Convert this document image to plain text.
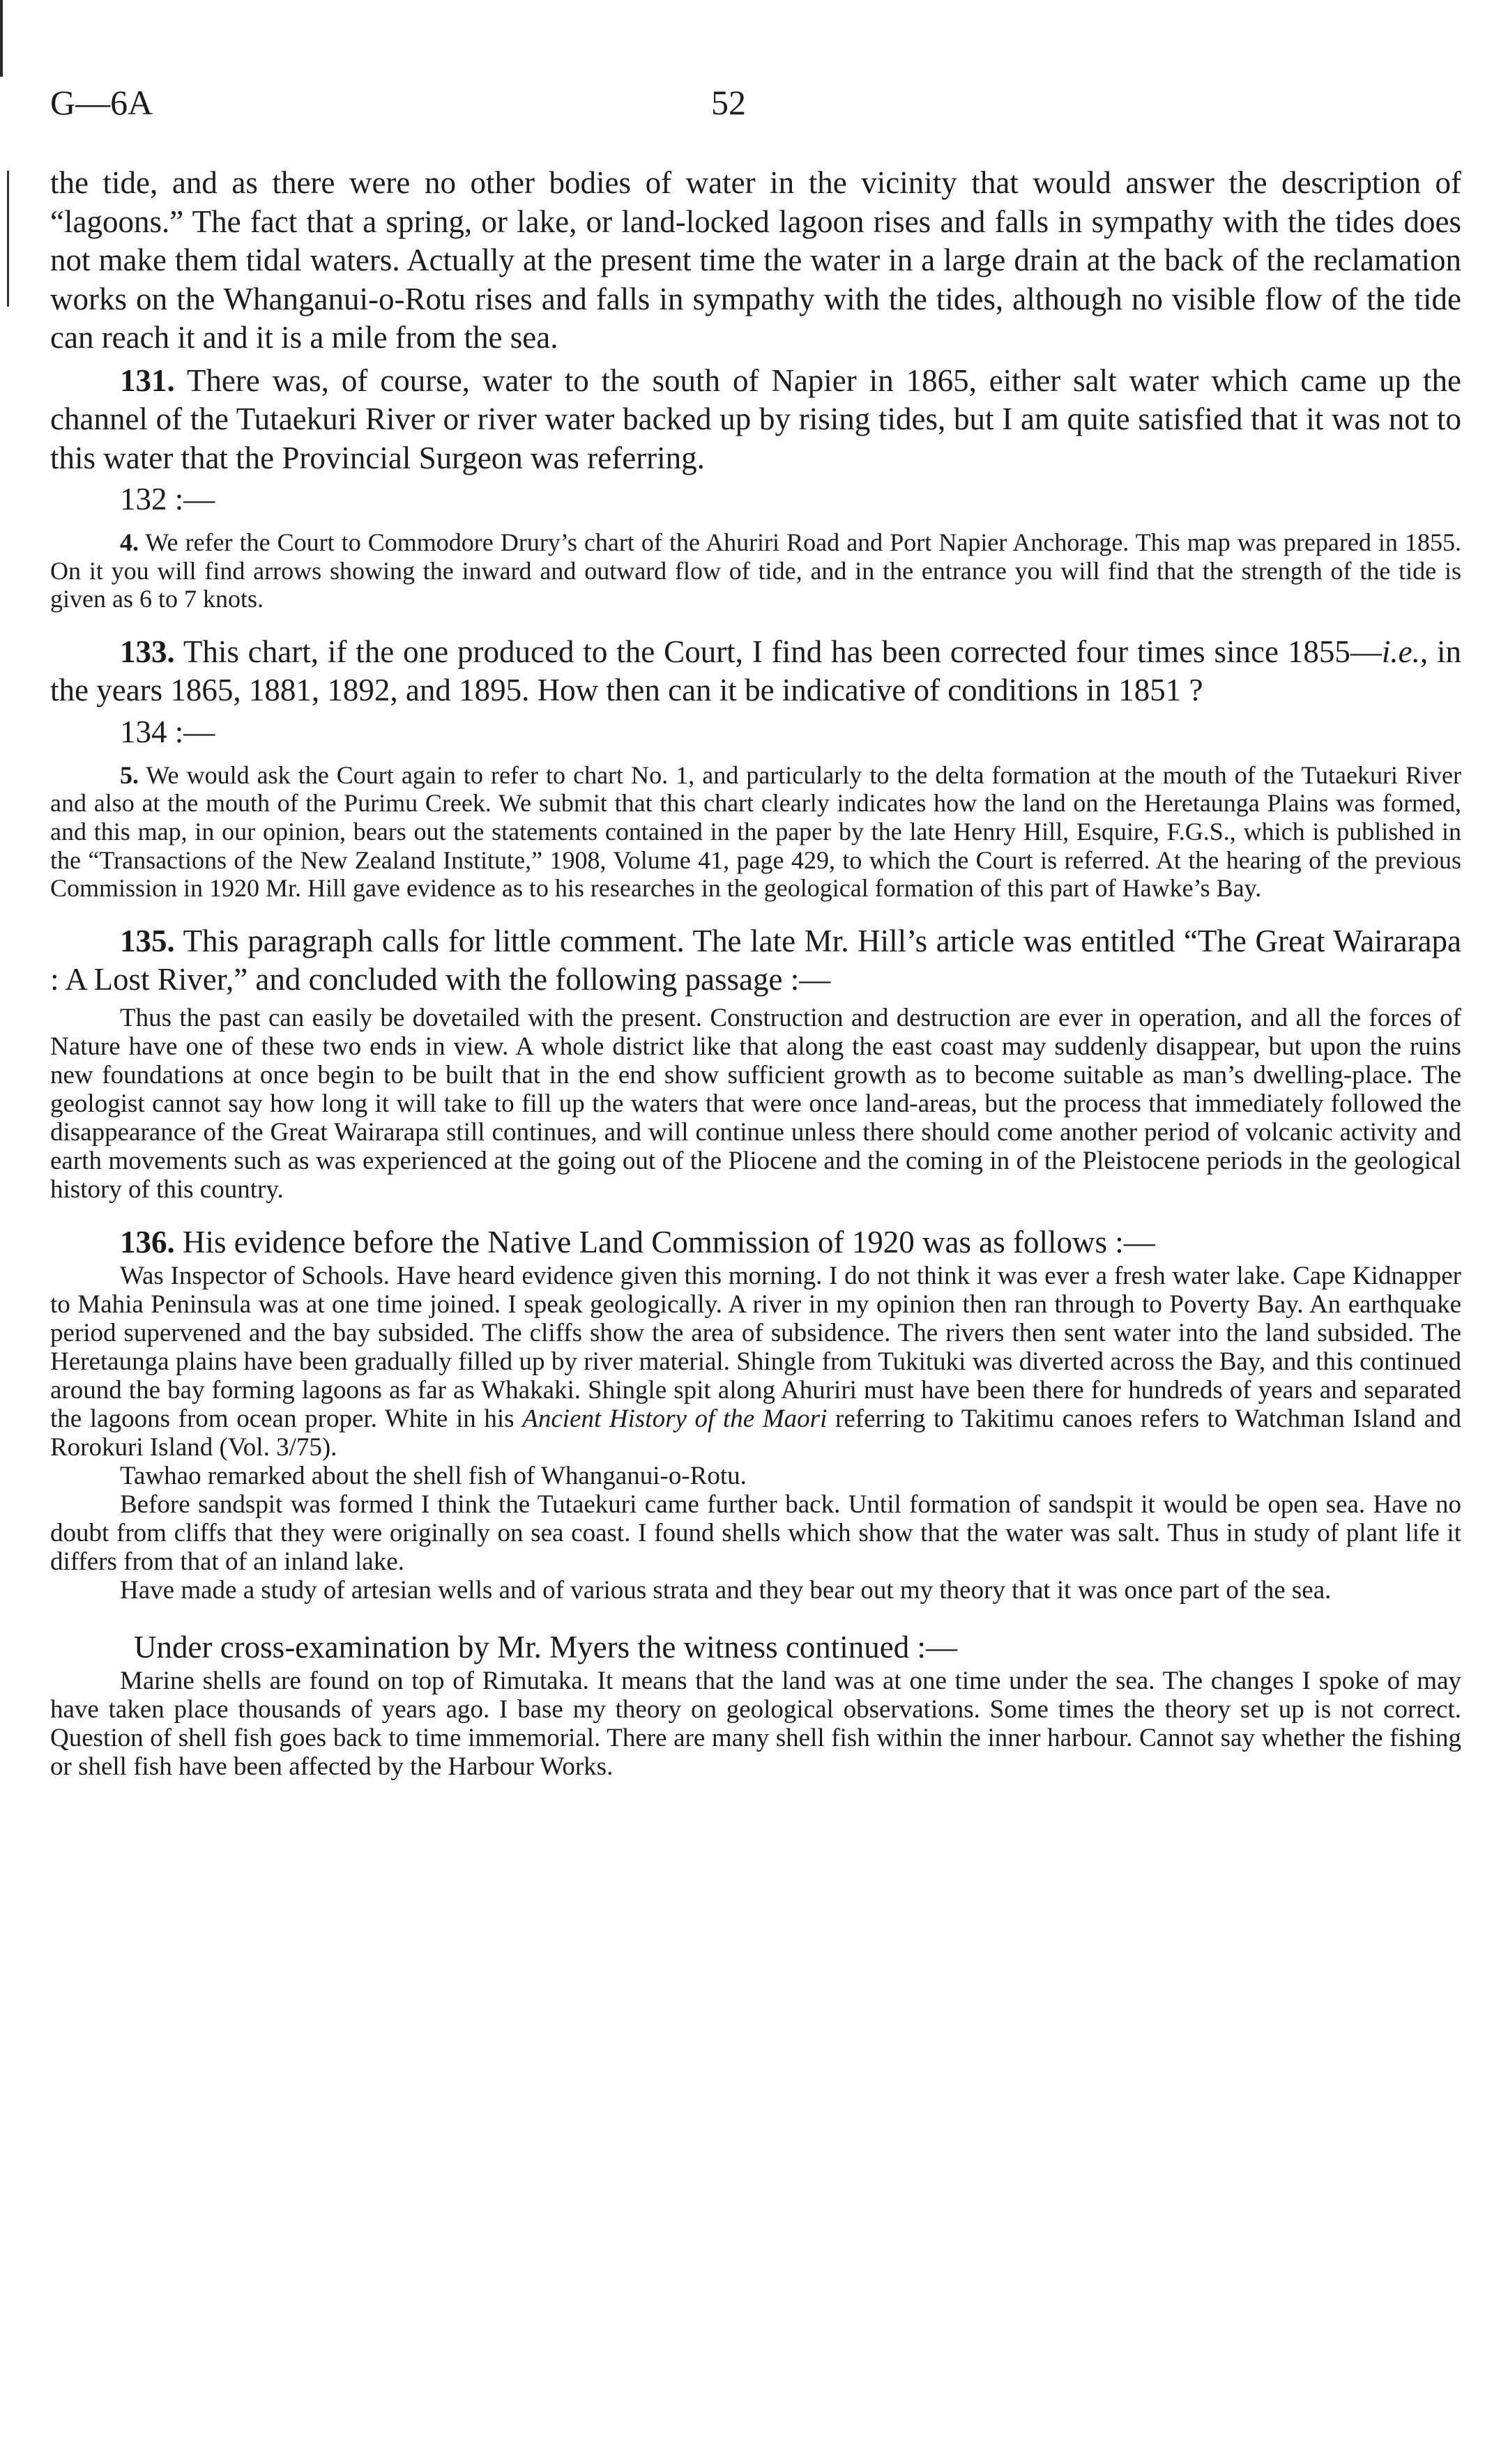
G—6A	52

the tide, and as there were no other bodies of water in the vicinity that would answer the description of “lagoons.” The fact that a spring, or lake, or land-locked lagoon rises and falls in sympathy with the tides does not make them tidal waters. Actually at the present time the water in a large drain at the back of the reclamation works on the Whanganui-o-Rotu rises and falls in sympathy with the tides, although no visible flow of the tide can reach it and it is a mile from the sea.

131. There was, of course, water to the south of Napier in 1865, either salt water which came up the channel of the Tutaekuri River or river water backed up by rising tides, but I am quite satisfied that it was not to this water that the Provincial Surgeon was referring.

132 :—

4. We refer the Court to Commodore Drury’s chart of the Ahuriri Road and Port Napier Anchorage. This map was prepared in 1855. On it you will find arrows showing the inward and outward flow of tide, and in the entrance you will find that the strength of the tide is given as 6 to 7 knots.

133. This chart, if the one produced to the Court, I find has been corrected four times since 1855—i.e., in the years 1865, 1881, 1892, and 1895. How then can it be indicative of conditions in 1851 ?

134 :—

5. We would ask the Court again to refer to chart No. 1, and particularly to the delta formation at the mouth of the Tutaekuri River and also at the mouth of the Purimu Creek. We submit that this chart clearly indicates how the land on the Heretaunga Plains was formed, and this map, in our opinion, bears out the statements contained in the paper by the late Henry Hill, Esquire, F.G.S., which is published in the “Transactions of the New Zealand Institute,” 1908, Volume 41, page 429, to which the Court is referred. At the hearing of the previous Commission in 1920 Mr. Hill gave evidence as to his researches in the geological formation of this part of Hawke’s Bay.

135. This paragraph calls for little comment. The late Mr. Hill’s article was entitled “The Great Wairarapa : A Lost River,” and concluded with the following passage :—

Thus the past can easily be dovetailed with the present. Construction and destruction are ever in operation, and all the forces of Nature have one of these two ends in view. A whole district like that along the east coast may suddenly disappear, but upon the ruins new foundations at once begin to be built that in the end show sufficient growth as to become suitable as man’s dwelling-place. The geologist cannot say how long it will take to fill up the waters that were once land-areas, but the process that immediately followed the disappearance of the Great Wairarapa still continues, and will continue unless there should come another period of volcanic activity and earth movements such as was experienced at the going out of the Pliocene and the coming in of the Pleistocene periods in the geological history of this country.

136. His evidence before the Native Land Commission of 1920 was as follows :—

Was Inspector of Schools. Have heard evidence given this morning. I do not think it was ever a fresh water lake. Cape Kidnapper to Mahia Peninsula was at one time joined. I speak geologically. A river in my opinion then ran through to Poverty Bay. An earthquake period supervened and the bay subsided. The cliffs show the area of subsidence. The rivers then sent water into the land subsided. The Heretaunga plains have been gradually filled up by river material. Shingle from Tukituki was diverted across the Bay, and this continued around the bay forming lagoons as far as Whakaki. Shingle spit along Ahuriri must have been there for hundreds of years and separated the lagoons from ocean proper. White in his Ancient History of the Maori referring to Takitimu canoes refers to Watchman Island and Rorokuri Island (Vol. 3/75).

Tawhao remarked about the shell fish of Whanganui-o-Rotu.

Before sandspit was formed I think the Tutaekuri came further back. Until formation of sandspit it would be open sea. Have no doubt from cliffs that they were originally on sea coast. I found shells which show that the water was salt. Thus in study of plant life it differs from that of an inland lake.

Have made a study of artesian wells and of various strata and they bear out my theory that it was once part of the sea.

Under cross-examination by Mr. Myers the witness continued :—

Marine shells are found on top of Rimutaka. It means that the land was at one time under the sea. The changes I spoke of may have taken place thousands of years ago. I base my theory on geological observations. Some times the theory set up is not correct. Question of shell fish goes back to time immemorial. There are many shell fish within the inner harbour. Cannot say whether the fishing or shell fish have been affected by the Harbour Works.
